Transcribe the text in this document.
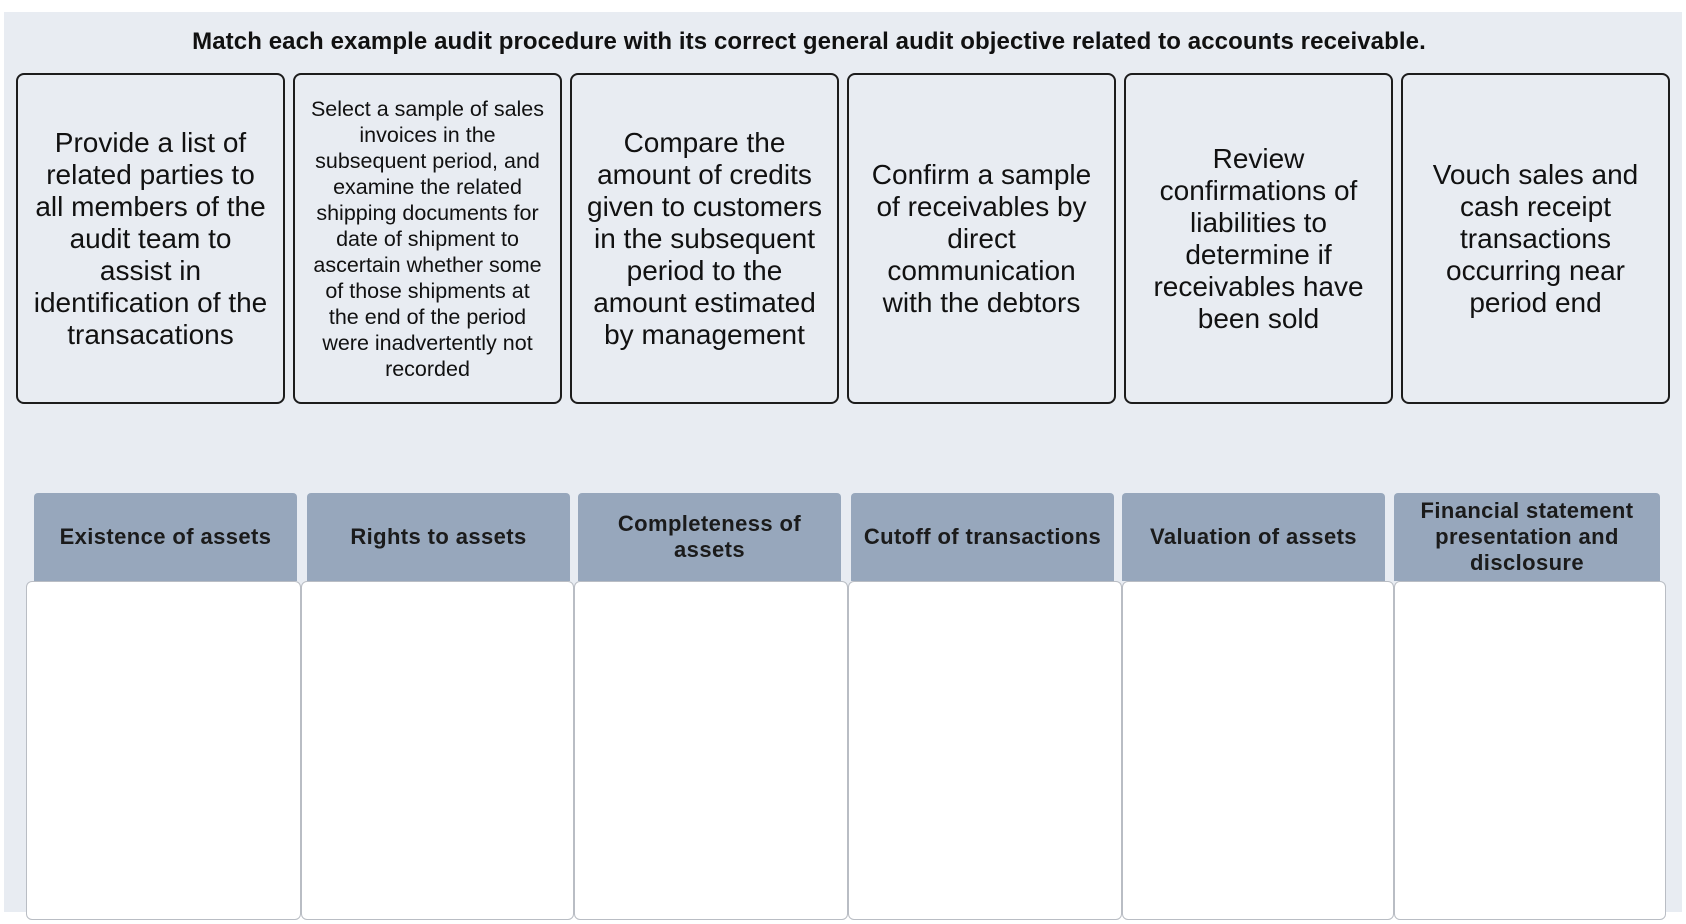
Match each example audit procedure with its correct general audit objective related to accounts receivable.
Provide a list of related parties to all members of the audit team to assist in identification of the transacations
Select a sample of sales invoices in the subsequent period, and examine the related shipping documents for date of shipment to ascertain whether some of those shipments at the end of the period were inadvertently not recorded
Compare the amount of credits given to customers in the subsequent period to the amount estimated by management
Confirm a sample of receivables by direct communication with the debtors
Review confirmations of liabilities to determine if receivables have been sold
Vouch sales and cash receipt transactions occurring near period end
Existence of assets	Rights to assets
Completeness of assets
Cutoff of transactions	Valuation of assets
Financial statement presentation and disclosure
